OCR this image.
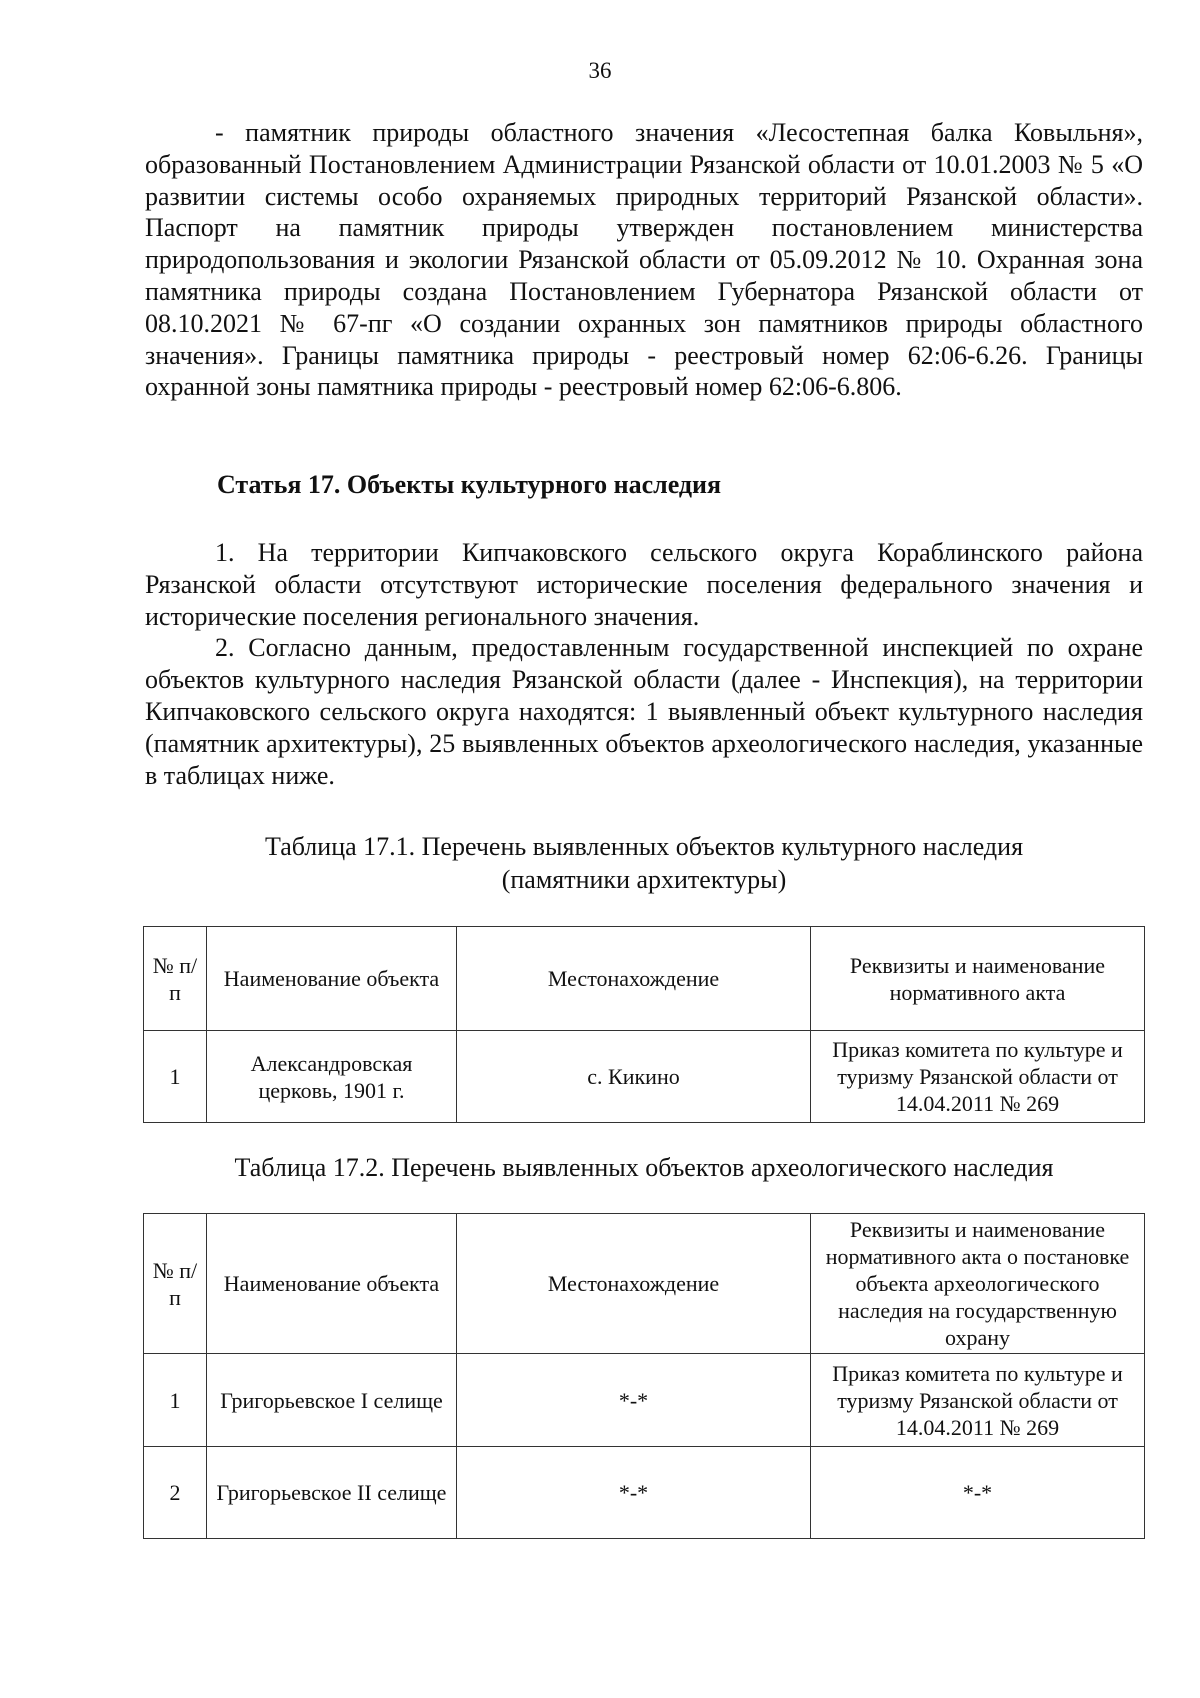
36

- памятник природы областного значения «Лесостепная балка Ковыльня», образованный Постановлением Администрации Рязанской области от 10.01.2003 № 5 «О развитии системы особо охраняемых природных территорий Рязанской области». Паспорт на памятник природы утвержден постановлением министерства природопользования и экологии Рязанской области от 05.09.2012 № 10. Охранная зона памятника природы создана Постановлением Губернатора Рязанской области от 08.10.2021 № 67-пг «О создании охранных зон памятников природы областного значения». Границы памятника природы - реестровый номер 62:06-6.26. Границы охранной зоны памятника природы - реестровый номер 62:06-6.806.

Статья 17. Объекты культурного наследия

1. На территории Кипчаковского сельского округа Кораблинского района Рязанской области отсутствуют исторические поселения федерального значения и исторические поселения регионального значения.

2. Согласно данным, предоставленным государственной инспекцией по охране объектов культурного наследия Рязанской области (далее - Инспекция), на территории Кипчаковского сельского округа находятся: 1 выявленный объект культурного наследия (памятник архитектуры), 25 выявленных объектов археологического наследия, указанные в таблицах ниже.

Таблица 17.1. Перечень выявленных объектов культурного наследия
(памятники архитектуры)
№ п/п	Наименование объекта	Местонахождение	Реквизиты и наименование нормативного акта
1	Александровская церковь, 1901 г.	с. Кикино	Приказ комитета по культуре и туризму Рязанской области от 14.04.2011 № 269
Таблица 17.2. Перечень выявленных объектов археологического наследия
№ п/п	Наименование объекта	Местонахождение	Реквизиты и наименование нормативного акта о постановке объекта археологического наследия на государственную охрану
1	Григорьевское I селище	*-*	Приказ комитета по культуре и туризму Рязанской области от 14.04.2011 № 269
2	Григорьевское II селище	*-*	*-*
